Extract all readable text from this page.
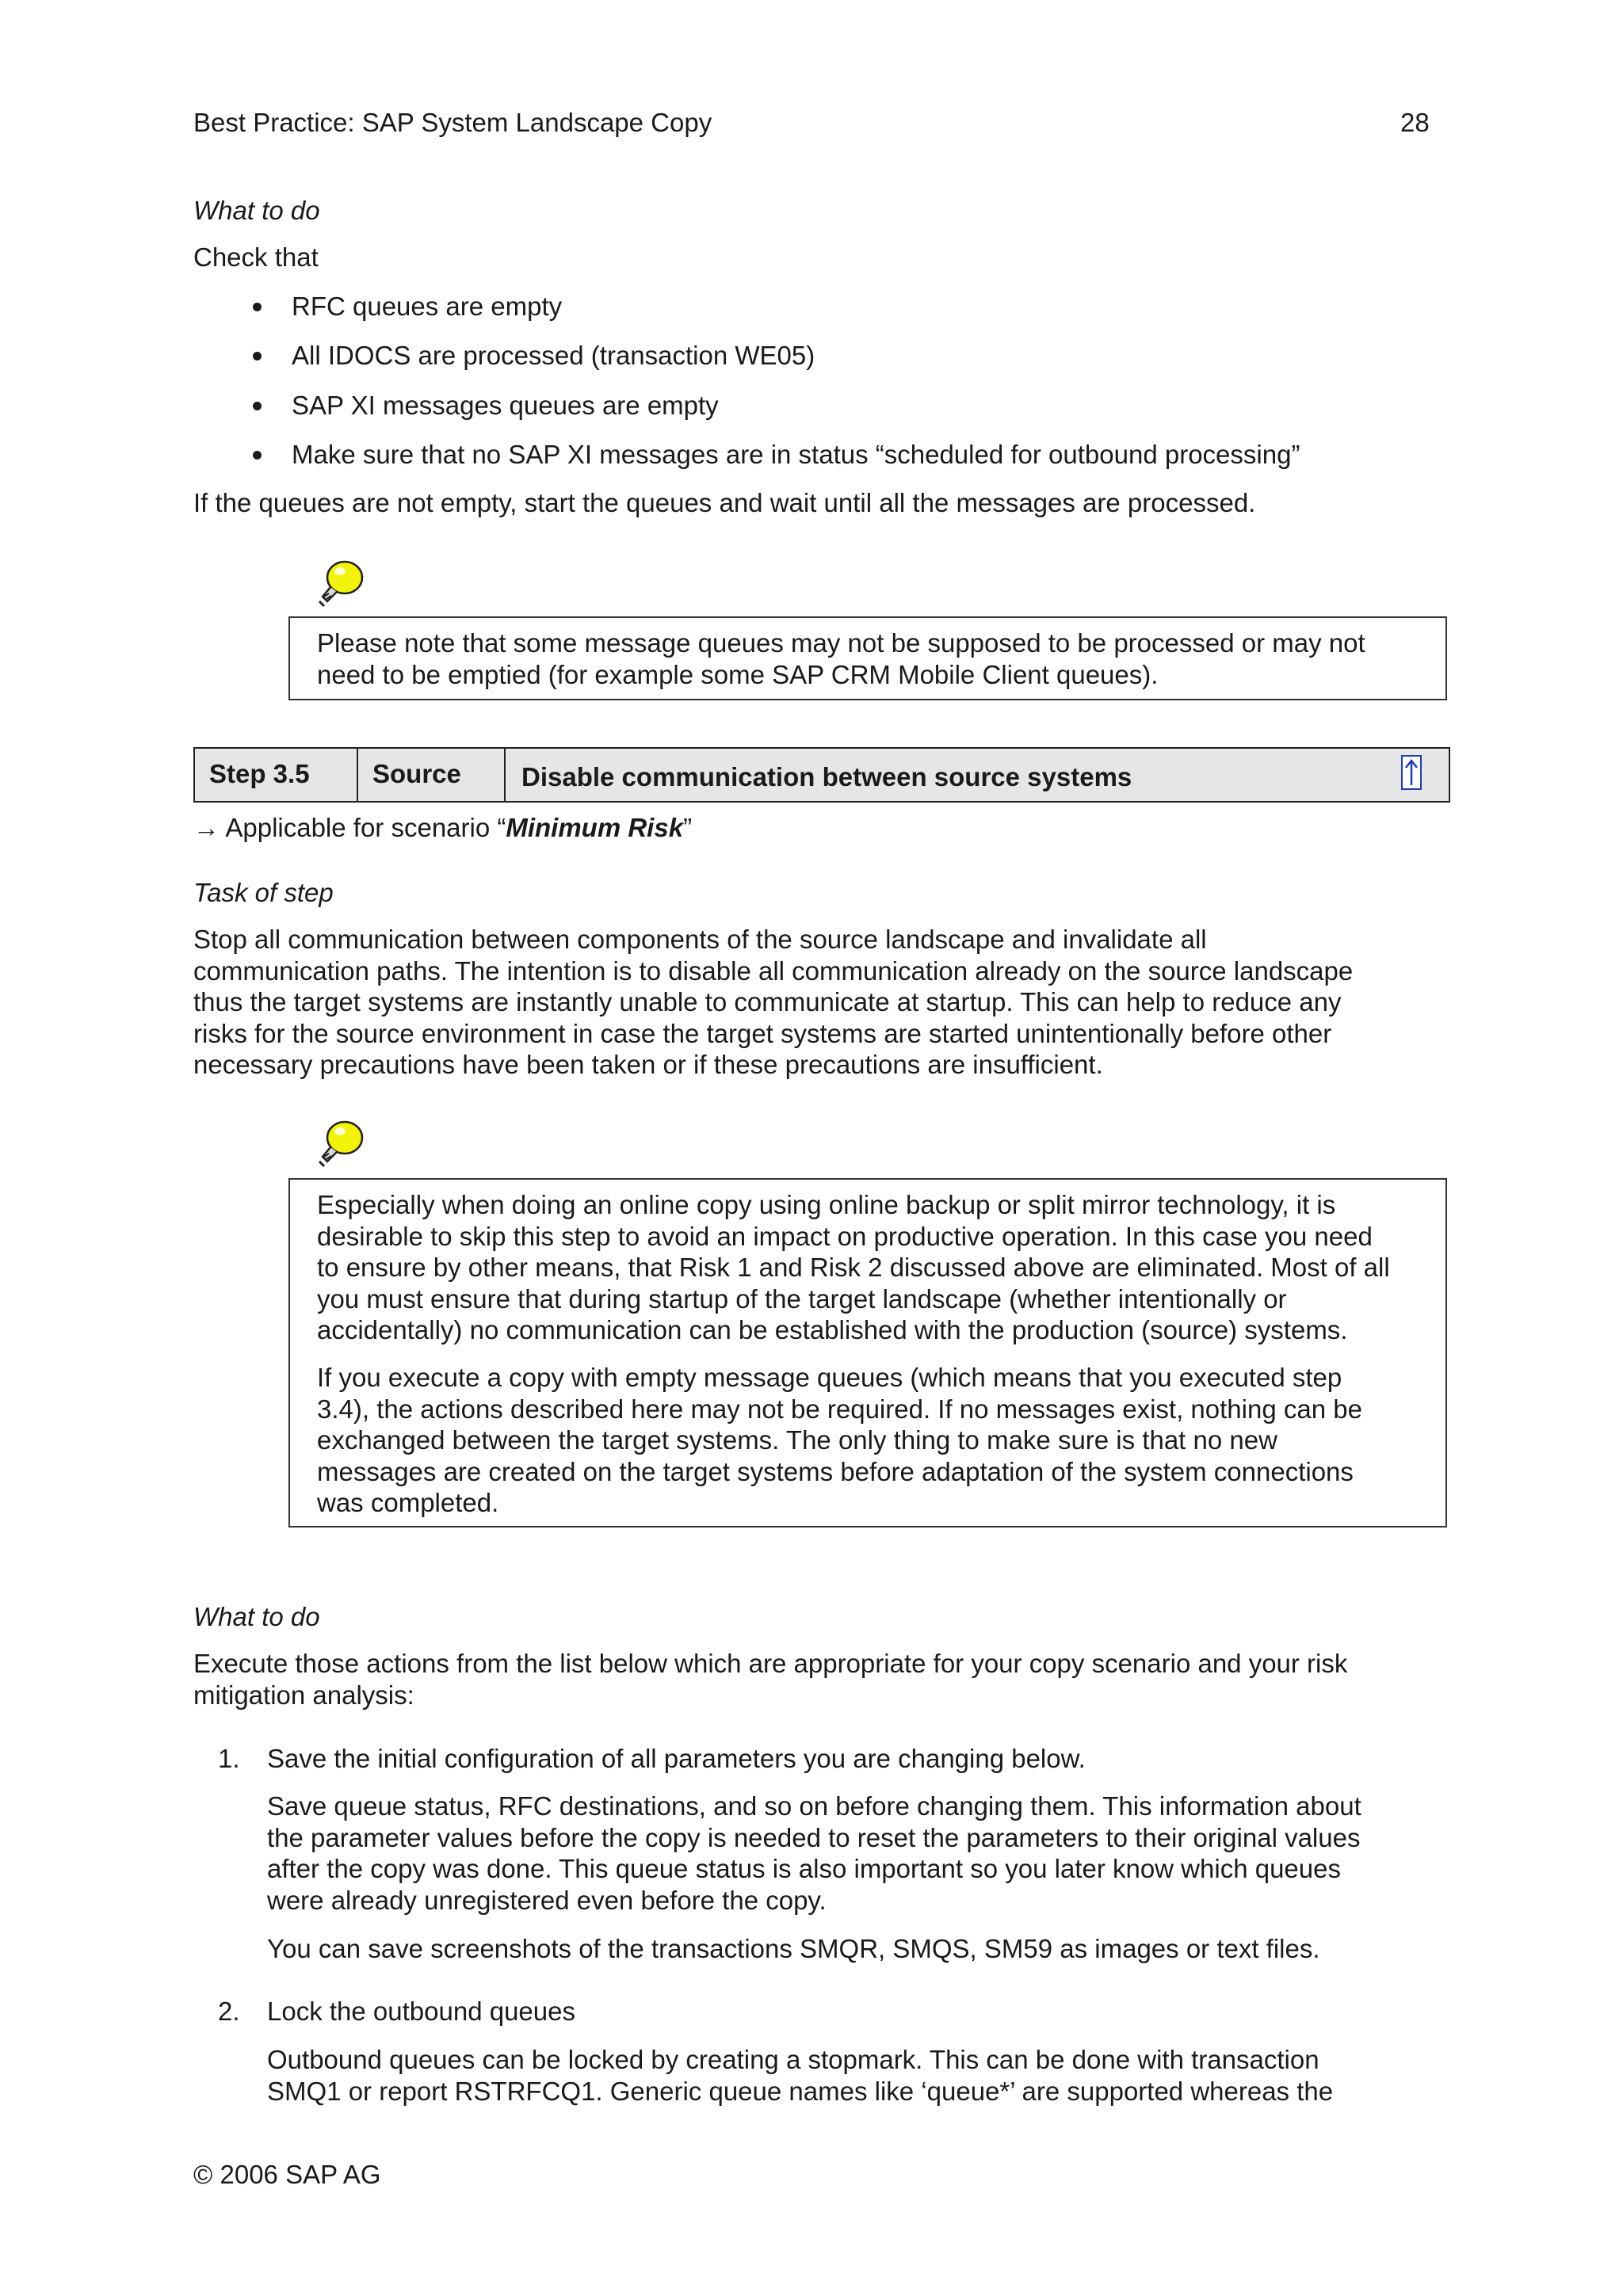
Best Practice: SAP System Landscape Copy	28
What to do
Check that
RFC queues are empty
All IDOCS are processed (transaction WE05)
SAP XI messages queues are empty
Make sure that no SAP XI messages are in status “scheduled for outbound processing”
If the queues are not empty, start the queues and wait until all the messages are processed.
Please note that some message queues may not be supposed to be processed or may not
need to be emptied (for example some SAP CRM Mobile Client queues).
Step 3.5 Source Disable communication between source systems
→ Applicable for scenario “Minimum Risk”
Task of step
Stop all communication between components of the source landscape and invalidate all
communication paths. The intention is to disable all communication already on the source landscape
thus the target systems are instantly unable to communicate at startup. This can help to reduce any
risks for the source environment in case the target systems are started unintentionally before other
necessary precautions have been taken or if these precautions are insufficient.
Especially when doing an online copy using online backup or split mirror technology, it is
desirable to skip this step to avoid an impact on productive operation. In this case you need
to ensure by other means, that Risk 1 and Risk 2 discussed above are eliminated. Most of all
you must ensure that during startup of the target landscape (whether intentionally or
accidentally) no communication can be established with the production (source) systems.
If you execute a copy with empty message queues (which means that you executed step
3.4), the actions described here may not be required. If no messages exist, nothing can be
exchanged between the target systems. The only thing to make sure is that no new
messages are created on the target systems before adaptation of the system connections
was completed.
What to do
Execute those actions from the list below which are appropriate for your copy scenario and your risk
mitigation analysis:
1. Save the initial configuration of all parameters you are changing below.
Save queue status, RFC destinations, and so on before changing them. This information about
the parameter values before the copy is needed to reset the parameters to their original values
after the copy was done. This queue status is also important so you later know which queues
were already unregistered even before the copy.
You can save screenshots of the transactions SMQR, SMQS, SM59 as images or text files.
2. Lock the outbound queues
Outbound queues can be locked by creating a stopmark. This can be done with transaction
SMQ1 or report RSTRFCQ1. Generic queue names like ‘queue*’ are supported whereas the
© 2006 SAP AG
